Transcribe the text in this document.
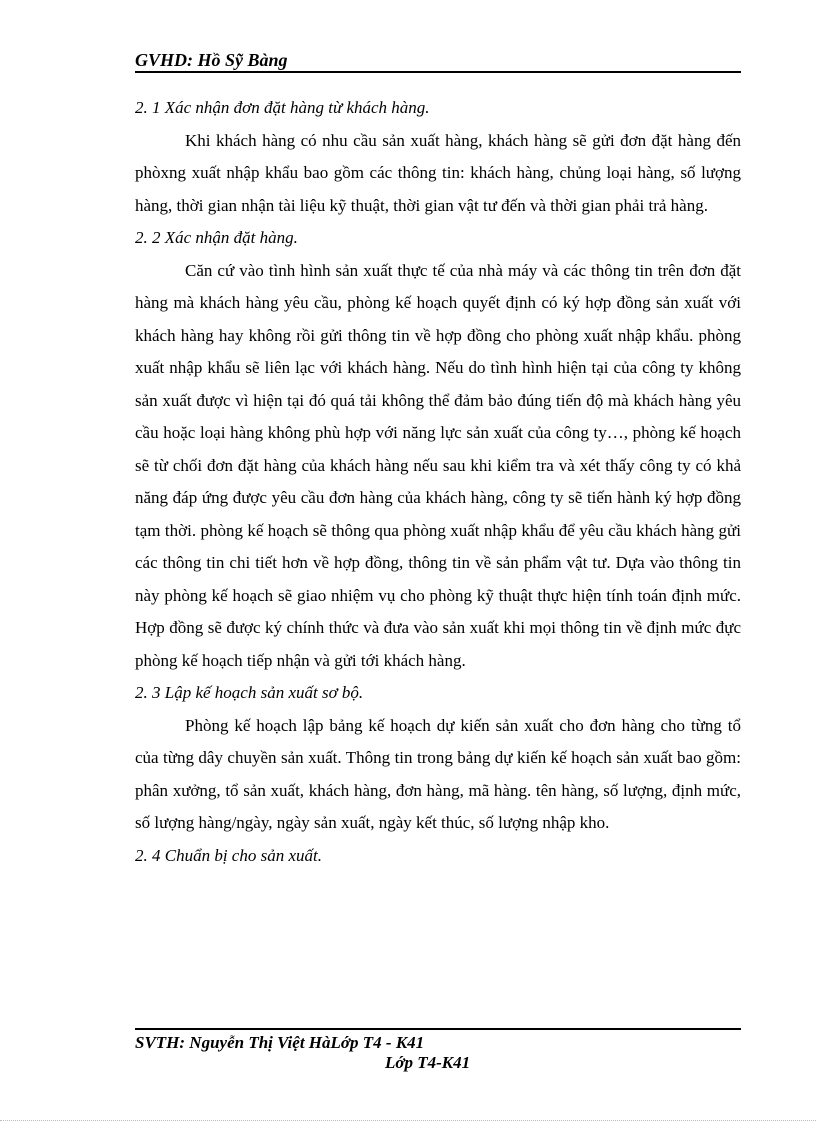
GVHD: Hồ Sỹ Bàng

2. 1 Xác nhận đơn đặt hàng từ khách hàng.

Khi khách hàng có nhu cầu sản xuất hàng, khách hàng sẽ gửi đơn đặt hàng đến phòxng xuất nhập khẩu bao gồm các thông tin: khách hàng, chủng loại hàng, số lượng hàng, thời gian nhận tài liệu kỹ thuật, thời gian vật tư đến và thời gian phải trả hàng.

2. 2 Xác nhận đặt hàng.

Căn cứ vào tình hình sản xuất thực tế của nhà máy và các thông tin trên đơn đặt hàng mà khách hàng yêu cầu, phòng kế hoạch quyết định có ký hợp đồng sản xuất với khách hàng hay không rồi gửi thông tin về hợp đồng cho phòng xuất nhập khẩu. phòng xuất nhập khẩu sẽ liên lạc với khách hàng. Nếu do tình hình hiện tại của công ty không sản xuất được vì hiện tại đó quá tải không thể đảm bảo đúng tiến độ mà khách hàng yêu cầu hoặc loại hàng không phù hợp với năng lực sản xuất của công ty…, phòng kế hoạch sẽ từ chối đơn đặt hàng của khách hàng nếu sau khi kiểm tra và xét thấy công ty có khả năng đáp ứng được yêu cầu đơn hàng của khách hàng, công ty sẽ tiến hành ký hợp đồng tạm thời. phòng kế hoạch sẽ thông qua phòng xuất nhập khẩu để yêu cầu khách hàng gửi các thông tin chi tiết hơn về hợp đồng, thông tin về sản phẩm vật tư. Dựa vào thông tin này phòng kế hoạch sẽ giao nhiệm vụ cho phòng kỹ thuật thực hiện tính toán định mức. Hợp đồng sẽ được ký chính thức và đưa vào sản xuất khi mọi thông tin về định mức đực phòng kế hoạch tiếp nhận và gửi tới khách hàng.

2. 3 Lập kế hoạch sản xuất sơ bộ.

Phòng kế hoạch lập bảng kế hoạch dự kiến sản xuất cho đơn hàng cho từng tổ của từng dây chuyền sản xuất. Thông tin trong bảng dự kiến kế hoạch sản xuất bao gồm: phân xưởng, tổ sản xuất, khách hàng, đơn hàng, mã hàng. tên hàng, số lượng, định mức, số lượng hàng/ngày, ngày sản xuất, ngày kết thúc, số lượng nhập kho.

2. 4 Chuẩn bị cho sản xuất.

SVTH: Nguyễn Thị Việt HàLớp T4 - K41
Lớp T4-K41
